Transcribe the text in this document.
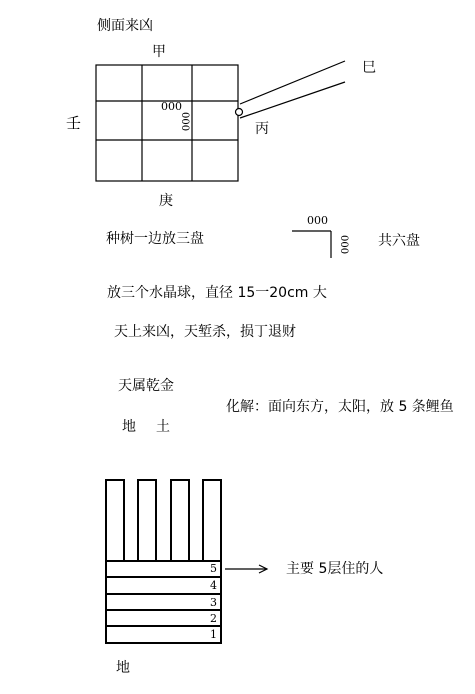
侧面来凶
甲
壬
庚
巳
丙
000
000
种树一边放三盘
000
000 共六盘
放三个水晶球，直径 15一20cm 大
天上来凶，天堑杀，损丁退财
天属乾金
化解：面向东方，太阳，放 5 条鲤鱼
地 土
5
4
3
2
1
主要 5层住的人
地
